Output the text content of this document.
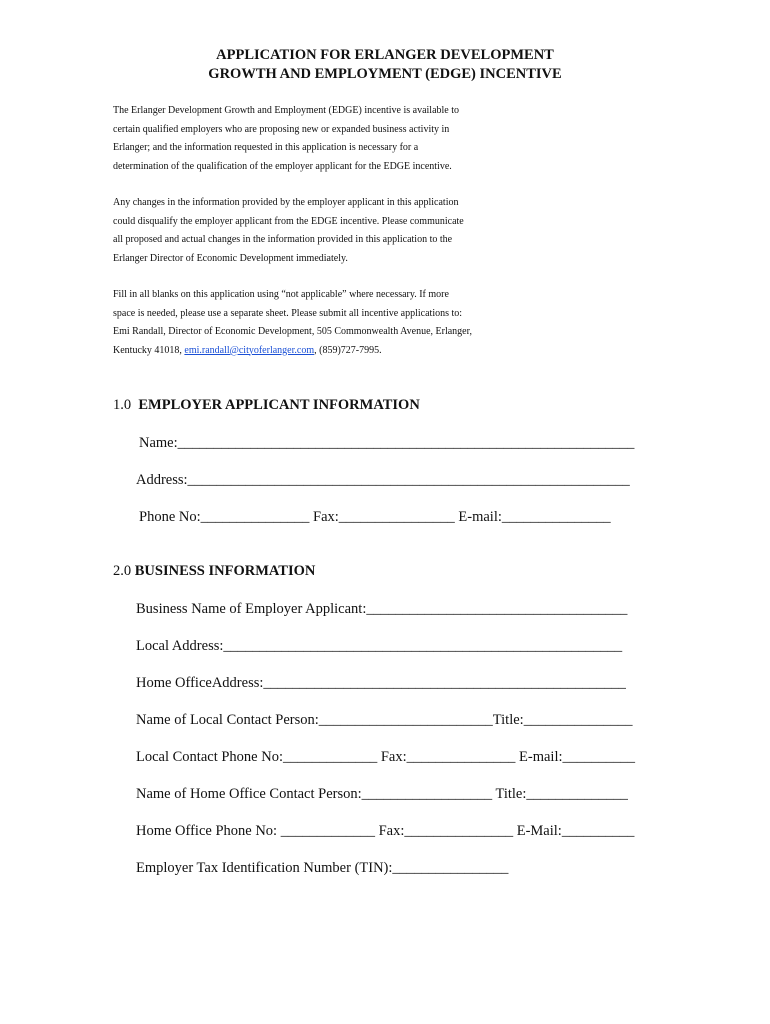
APPLICATION FOR ERLANGER DEVELOPMENT
GROWTH AND EMPLOYMENT (EDGE) INCENTIVE
The Erlanger Development Growth and Employment (EDGE) incentive is available to
certain qualified employers who are proposing new or expanded business activity in
Erlanger; and the information requested in this application is necessary for a
determination of the qualification of the employer applicant for the EDGE incentive.
Any changes in the information provided by the employer applicant in this application
could disqualify the employer applicant from the EDGE incentive. Please communicate
all proposed and actual changes in the information provided in this application to the
Erlanger Director of Economic Development immediately.
Fill in all blanks on this application using “not applicable” where necessary. If more
space is needed, please use a separate sheet. Please submit all incentive applications to:
Emi Randall, Director of Economic Development, 505 Commonwealth Avenue, Erlanger,
Kentucky 41018, emi.randall@cityoferlanger.com, (859)727-7995.
1.0 EMPLOYER APPLICANT INFORMATION
Name:_______________________________________________________________
Address:_____________________________________________________________
Phone No:_______________ Fax:________________ E-mail:_______________
2.0 BUSINESS INFORMATION
Business Name of Employer Applicant:____________________________________
Local Address:_______________________________________________________
Home OfficeAddress:__________________________________________________
Name of Local Contact Person:________________________Title:_______________
Local Contact Phone No:_____________ Fax:_______________ E-mail:__________
Name of Home Office Contact Person:__________________ Title:______________
Home Office Phone No: _____________ Fax:_______________ E-Mail:__________
Employer Tax Identification Number (TIN):________________
